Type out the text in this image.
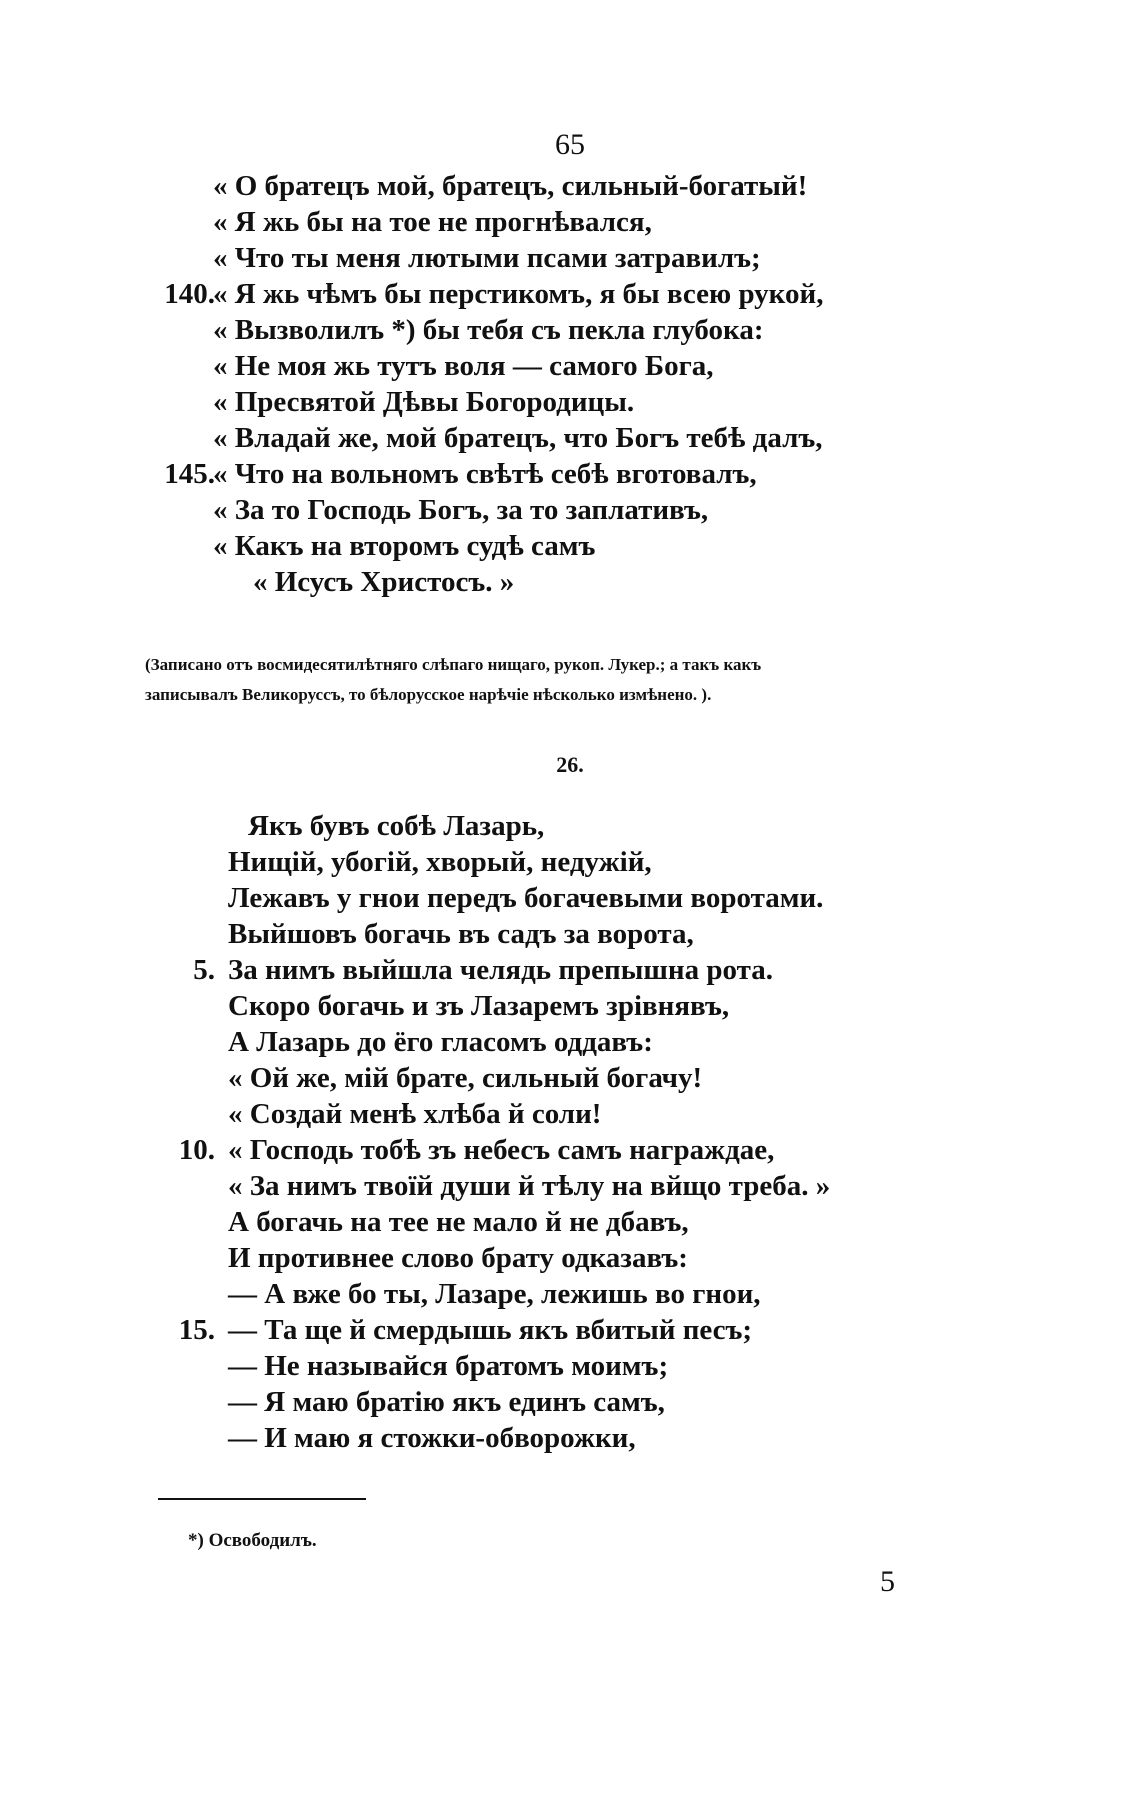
65
« О братецъ мой, братецъ, сильный-богатый!
« Я жь бы на тое не прогнѣвался,
« Что ты меня лютыми псами затравилъ;
140.
« Я жь чѣмъ бы перстикомъ, я бы всею рукой,
« Вызволилъ *) бы тебя съ пекла глубока:
« Не моя жь тутъ воля — самого Бога,
« Пресвятой Дѣвы Богородицы.
« Владай же, мой братецъ, что Богъ тебѣ далъ,
145.
« Что на вольномъ свѣтѣ себѣ вготовалъ,
« За то Господь Богъ, за то заплативъ,
« Какъ на второмъ судѣ самъ
« Исусъ Христосъ. »
(Записано отъ восмидесятилѣтняго слѣпаго нищаго, рукоп. Лукер.; а такъ какъ
записывалъ Великоруссъ, то бѣлорусское нарѣчіе нѣсколько измѣнено. ).
26.
Якъ бувъ собѣ Лазарь,
Нищій, убогій, хворый, недужій,
Лежавъ у гнои передъ богачевыми воротами.
Выйшовъ богачь въ садъ за ворота,
5. За нимъ выйшла челядь препышна рота.
Скоро богачь и зъ Лазаремъ зрівнявъ,
А Лазарь до ёго гласомъ оддавъ:
« Ой же, мій брате, сильный богачу!
« Создай менѣ хлѣба й соли!
10. « Господь тобѣ зъ небесъ самъ награждае,
« За нимъ твоїй души й тѣлу на вйщо треба. »
А богачь на тее не мало й не дбавъ,
И противнее слово брату одказавъ:
— А вже бо ты, Лазаре, лежишь во гнои,
15. — Та ще й смердышь якъ вбитый песъ;
— Не называйся братомъ моимъ;
— Я маю братію якъ единъ самъ,
— И маю я стожки-обворожки,
*) Освободилъ.
5
